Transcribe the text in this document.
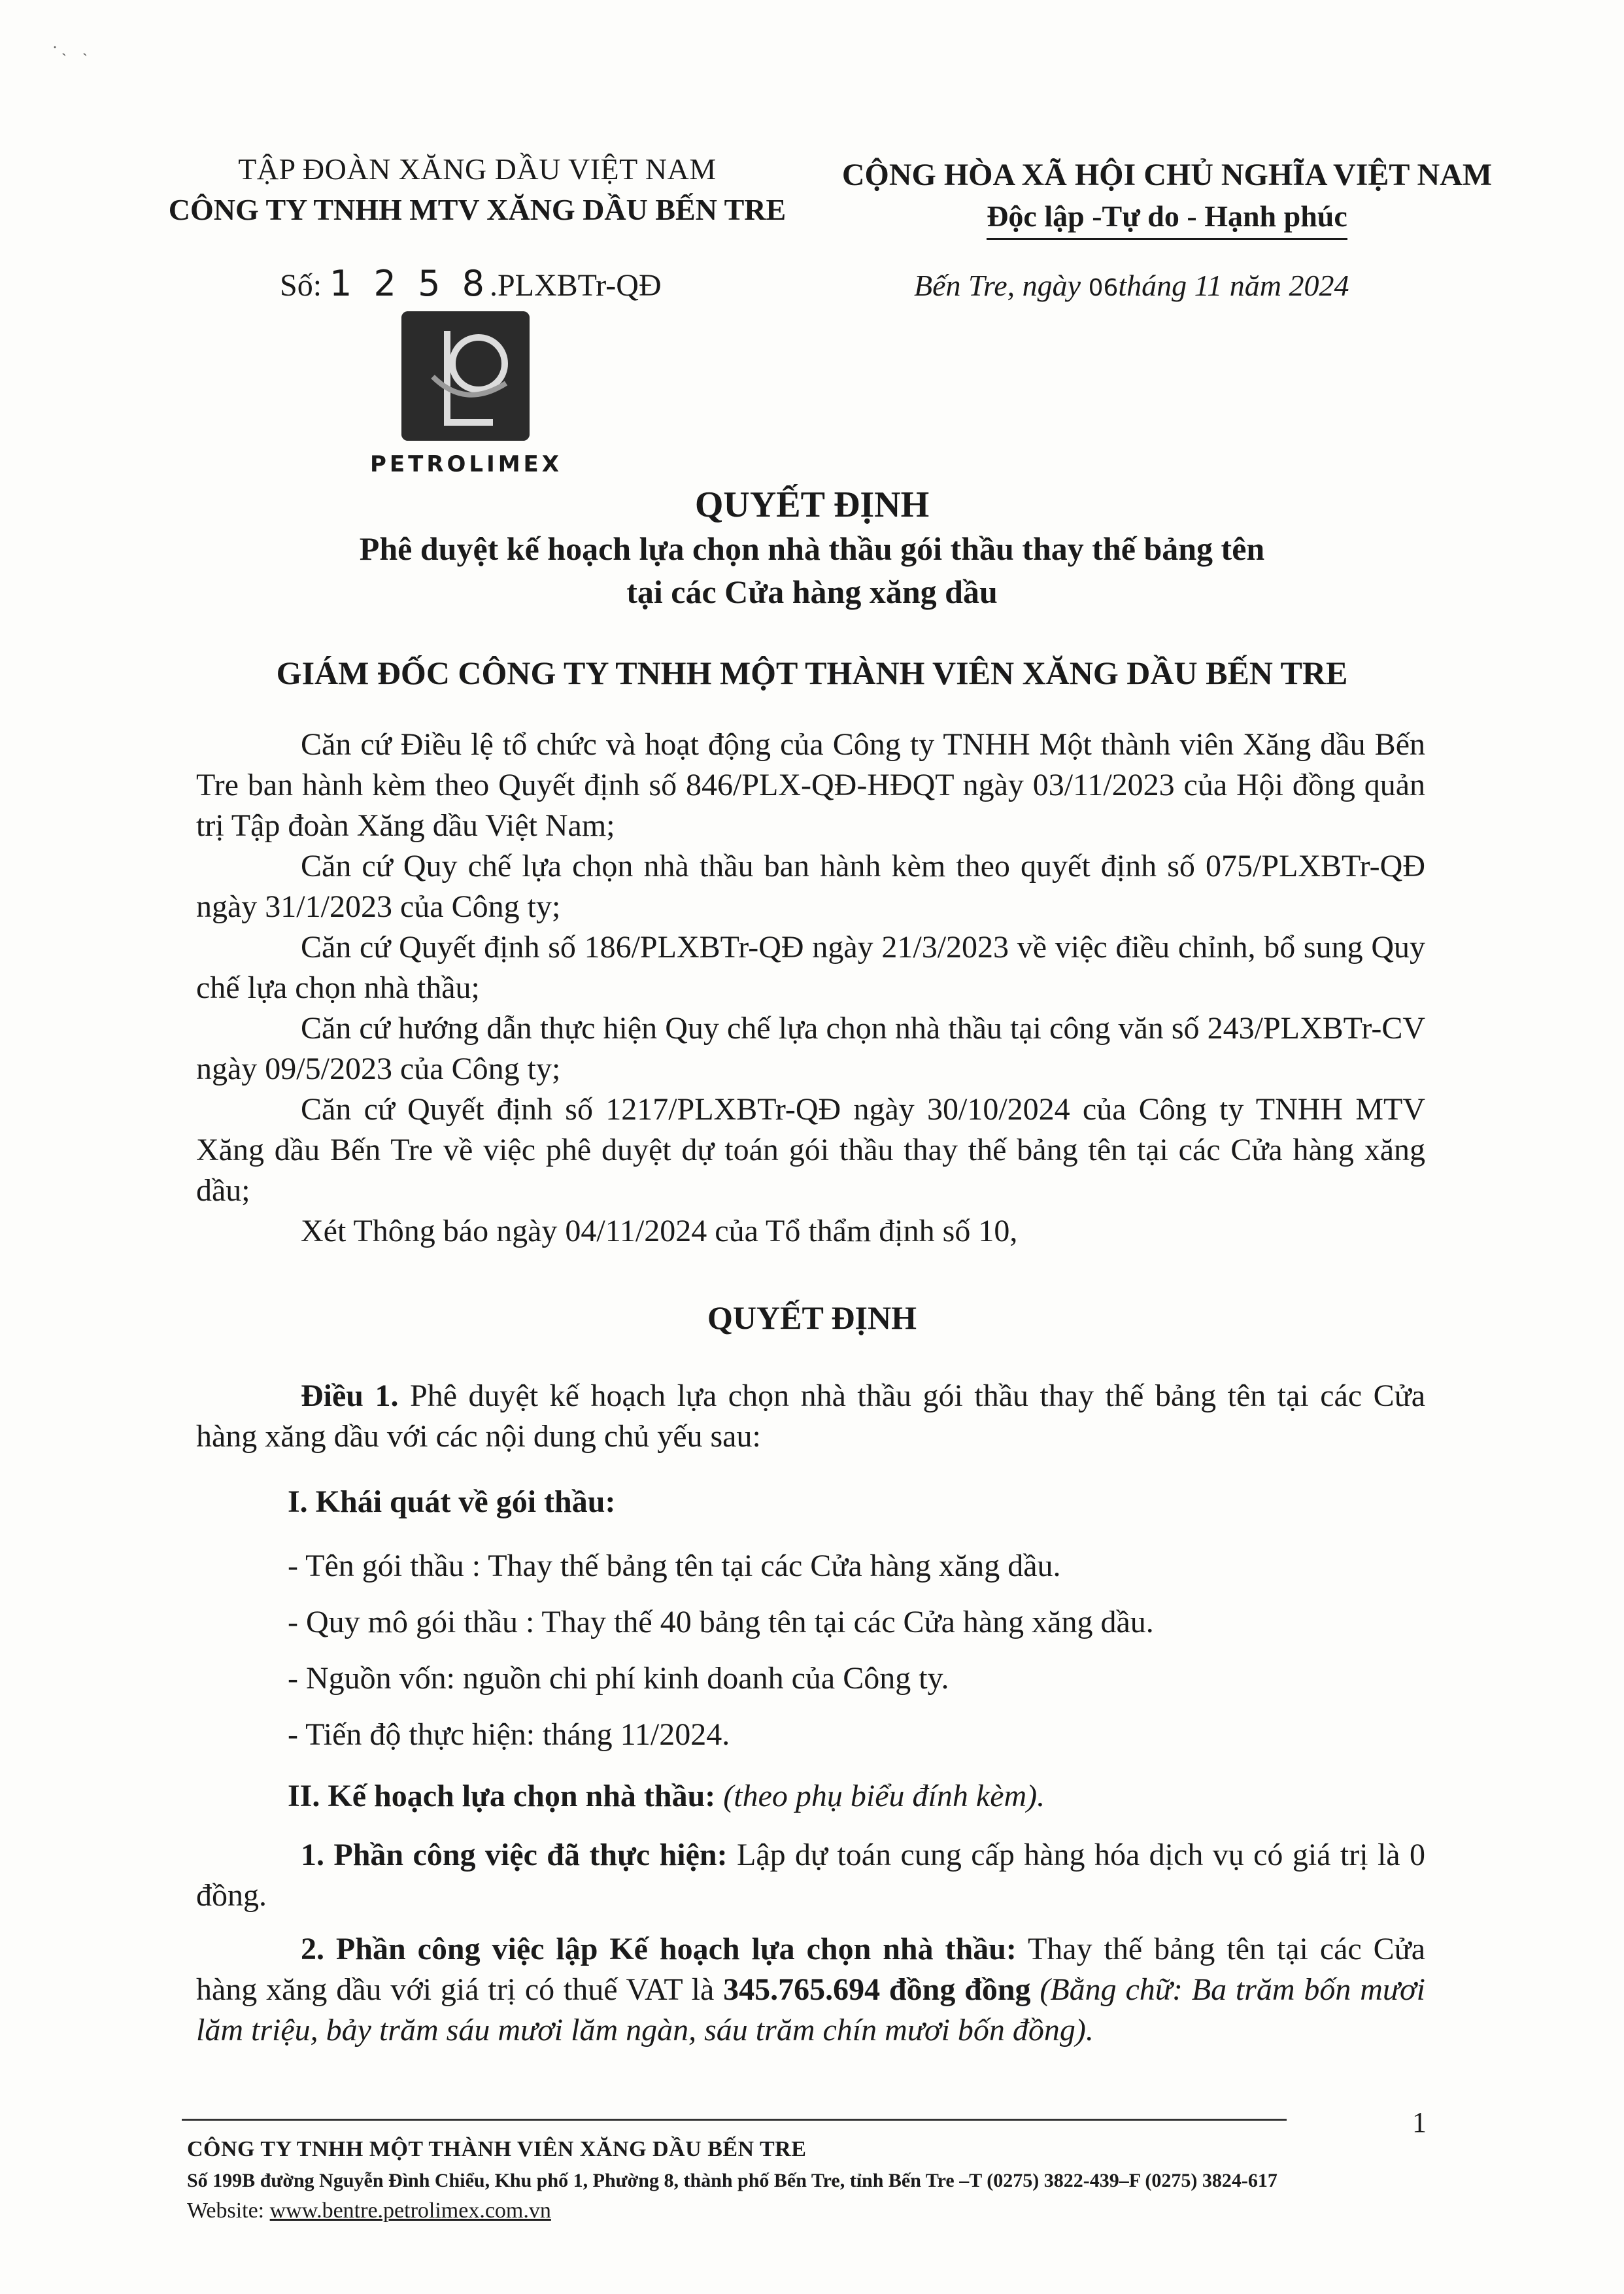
· ˎ    ˏ
TẬP ĐOÀN XĂNG DẦU VIỆT NAM
CÔNG TY TNHH MTV XĂNG DẦU BẾN TRE
CỘNG HÒA XÃ HỘI CHỦ NGHĨA VIỆT NAM
Độc lập -Tự do - Hạnh phúc
Số: 1 2 5 8.PLXBTr-QĐ	Bến Tre, ngày 06tháng 11 năm 2024
PETROLIMEX
QUYẾT ĐỊNH
Phê duyệt kế hoạch lựa chọn nhà thầu gói thầu thay thế bảng tên
tại các Cửa hàng xăng dầu
GIÁM ĐỐC CÔNG TY TNHH MỘT THÀNH VIÊN XĂNG DẦU BẾN TRE
Căn cứ Điều lệ tổ chức và hoạt động của Công ty TNHH Một thành viên Xăng dầu Bến Tre ban hành kèm theo Quyết định số 846/PLX-QĐ-HĐQT ngày 03/11/2023 của Hội đồng quản trị Tập đoàn Xăng dầu Việt Nam;
Căn cứ Quy chế lựa chọn nhà thầu ban hành kèm theo quyết định số 075/PLXBTr-QĐ ngày 31/1/2023 của Công ty;
Căn cứ Quyết định số 186/PLXBTr-QĐ ngày 21/3/2023 về việc điều chỉnh, bổ sung Quy chế lựa chọn nhà thầu;
Căn cứ hướng dẫn thực hiện Quy chế lựa chọn nhà thầu tại công văn số 243/PLXBTr-CV ngày 09/5/2023 của Công ty;
Căn cứ Quyết định số 1217/PLXBTr-QĐ ngày 30/10/2024 của Công ty TNHH MTV Xăng dầu Bến Tre về việc phê duyệt dự toán gói thầu thay thế bảng tên tại các Cửa hàng xăng dầu;
Xét Thông báo ngày 04/11/2024 của Tổ thẩm định số 10,
QUYẾT ĐỊNH
Điều 1. Phê duyệt kế hoạch lựa chọn nhà thầu gói thầu thay thế bảng tên tại các Cửa hàng xăng dầu với các nội dung chủ yếu sau:
I. Khái quát về gói thầu:
- Tên gói thầu : Thay thế bảng tên tại các Cửa hàng xăng dầu.
- Quy mô gói thầu : Thay thế 40 bảng tên tại các Cửa hàng xăng dầu.
- Nguồn vốn: nguồn chi phí kinh doanh của Công ty.
- Tiến độ thực hiện: tháng 11/2024.
II. Kế hoạch lựa chọn nhà thầu: (theo phụ biểu đính kèm).
1. Phần công việc đã thực hiện: Lập dự toán cung cấp hàng hóa dịch vụ có giá trị là 0 đồng.
2. Phần công việc lập Kế hoạch lựa chọn nhà thầu: Thay thế bảng tên tại các Cửa hàng xăng dầu với giá trị có thuế VAT là 345.765.694 đồng đồng (Bằng chữ: Ba trăm bốn mươi lăm triệu, bảy trăm sáu mươi lăm ngàn, sáu trăm chín mươi bốn đồng).
1
CÔNG TY TNHH MỘT THÀNH VIÊN XĂNG DẦU BẾN TRE
Số 199B đường Nguyễn Đình Chiểu, Khu phố 1, Phường 8, thành phố Bến Tre, tỉnh Bến Tre –T (0275) 3822-439–F (0275) 3824-617
Website: www.bentre.petrolimex.com.vn
